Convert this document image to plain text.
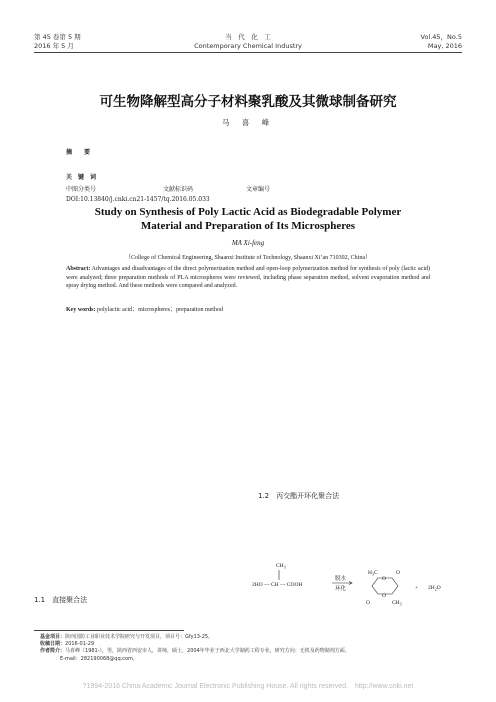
第 45 卷第 5 期
2016 年 5 月
当　代　化　工
Contemporary Chemical Industry
Vol.45，No.5
May, 2016
可生物降解型高分子材料聚乳酸及其微球制备研究
马 喜 峰
摘　　要
关　键　词
中图分类号	文献标识码	文章编号
DOI:10.13840/j.cnki.cn21-1457/tq.2016.05.033
Study on Synthesis of Poly Lactic Acid as Biodegradable Polymer
Material and Preparation of Its Microspheres
MA Xi-feng
（College of Chemical Engineering, Shaanxi Institute of Technology, Shaanxi Xi’an 710302, China）
Abstract: Advantages and disadvantages of the direct polymerization method and open-loop polymerization method for synthesis of poly (lactic acid) were analyzed; three preparation methods of PLA microspheres were reviewed, including phase separation method, solvent evaporation method and spray drying method. And these methods were compared and analyzed.
Key words: polylactic acid；microspheres；preparation method
1.2　丙交酯开环化聚合法
1.1　直接聚合法
$CH_3$
2HO — CH — COOH
脱水
环化
$H_3C$	O
O
O
O	$CH_3$
+ $2H_2O$
基金项目：陕西国防工业职业技术学院研究与开发项目，项目号：Gfy13-25。
收稿日期：2016-01-29
作者简介：马喜峰（1981-），男，陕西省西安市人，讲师，硕士，2004年毕业于西北大学制药工程专业，研究方向：无机及药物制剂方面。
E-mail：282190068@qq.com。
?1994-2016 China Academic Journal Electronic Publishing House. All rights reserved.　http://www.cnki.net
